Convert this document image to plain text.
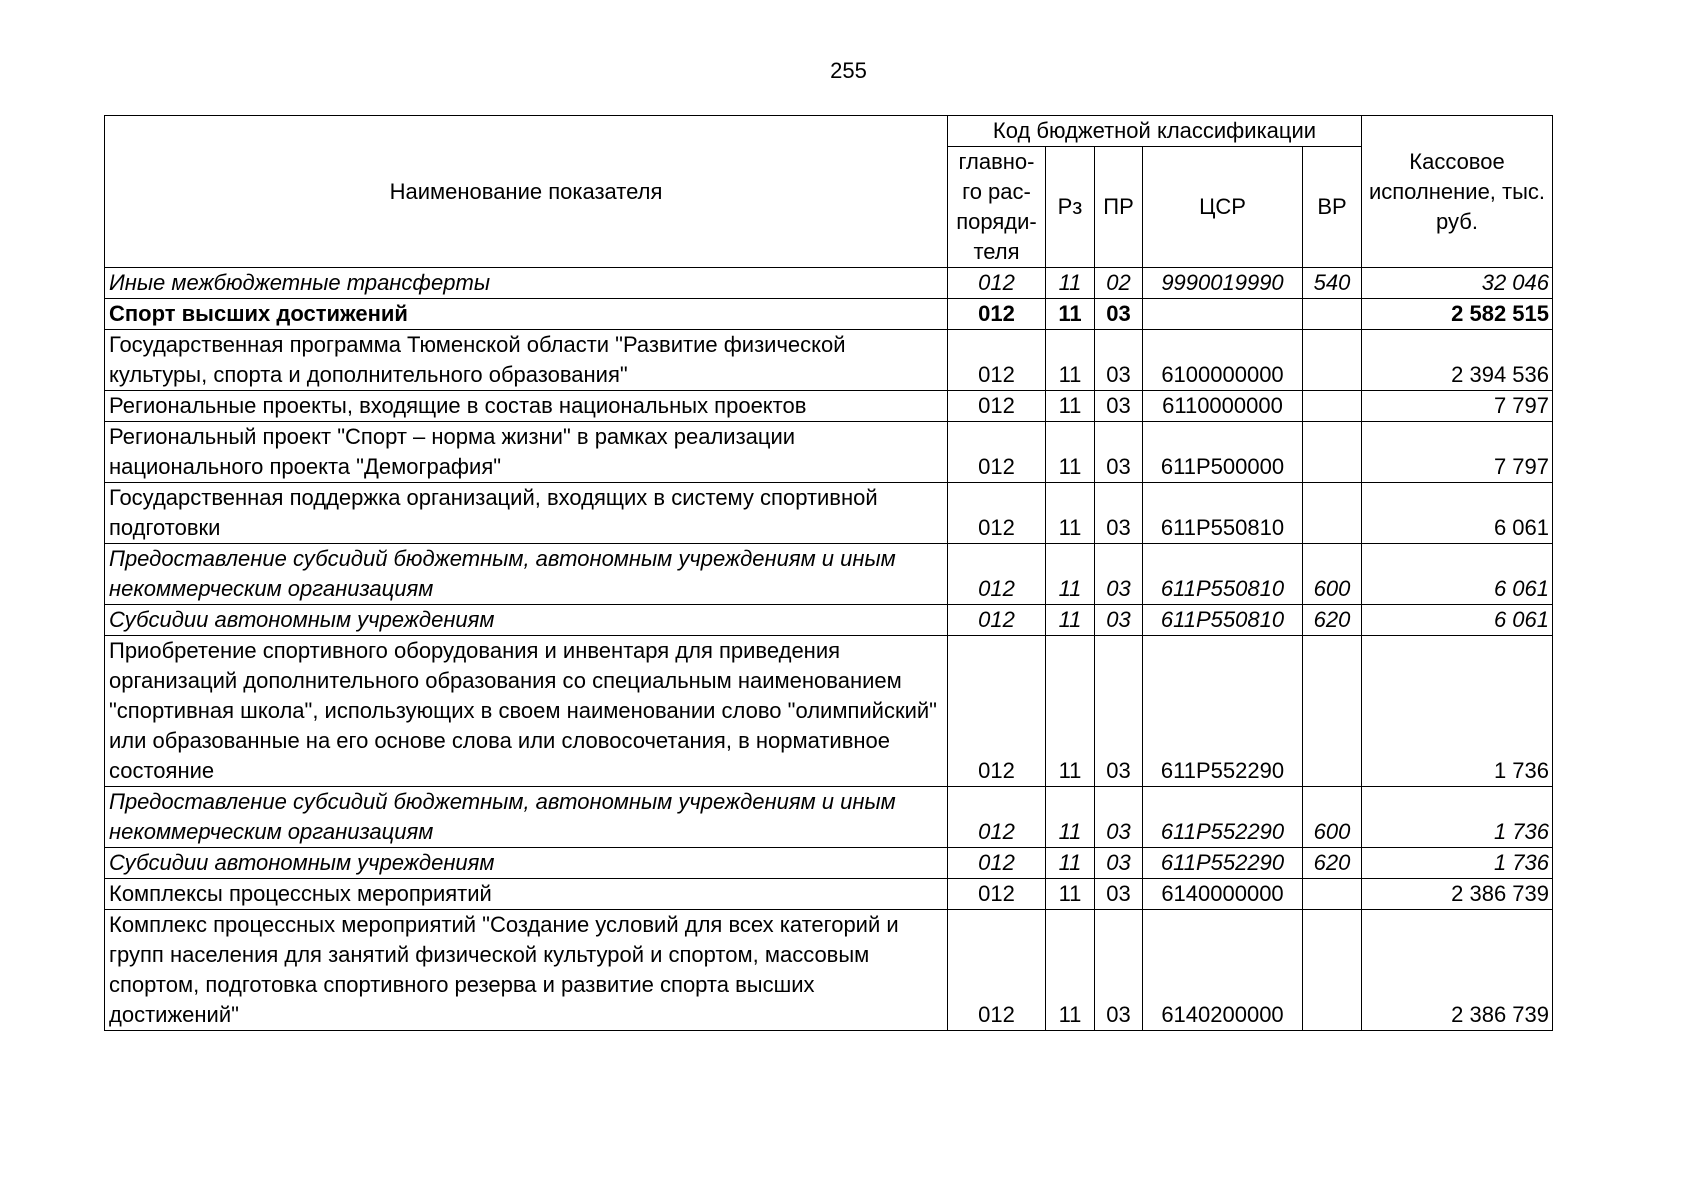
255
Наименование показателя	Код бюджетной классификации					Кассовое исполнение, тыс. руб.
	главно-го рас-поряди-теля	Рз	ПР	ЦСР	ВР	
Иные межбюджетные трансферты	012	11	02	9990019990	540	32 046
Спорт высших достижений	012	11	03			2 582 515
Государственная программа Тюменской области "Развитие физической культуры, спорта и дополнительного образования"	012	11	03	6100000000		2 394 536
Региональные проекты, входящие в состав национальных проектов	012	11	03	6110000000		7 797
Региональный проект "Спорт – норма жизни" в рамках реализации национального проекта "Демография"	012	11	03	611P500000		7 797
Государственная поддержка организаций, входящих в систему спортивной подготовки	012	11	03	611P550810		6 061
Предоставление субсидий бюджетным, автономным учреждениям и иным некоммерческим организациям	012	11	03	611P550810	600	6 061
Субсидии автономным учреждениям	012	11	03	611P550810	620	6 061
Приобретение спортивного оборудования и инвентаря для приведения организаций дополнительного образования со специальным наименованием "спортивная школа", использующих в своем наименовании слово "олимпийский" или образованные на его основе слова или словосочетания, в нормативное состояние	012	11	03	611P552290		1 736
Предоставление субсидий бюджетным, автономным учреждениям и иным некоммерческим организациям	012	11	03	611P552290	600	1 736
Субсидии автономным учреждениям	012	11	03	611P552290	620	1 736
Комплексы процессных мероприятий	012	11	03	6140000000		2 386 739
Комплекс процессных мероприятий "Создание условий для всех категорий и групп населения для занятий физической культурой и спортом, массовым спортом, подготовка спортивного резерва и развитие спорта высших достижений"	012	11	03	6140200000		2 386 739
